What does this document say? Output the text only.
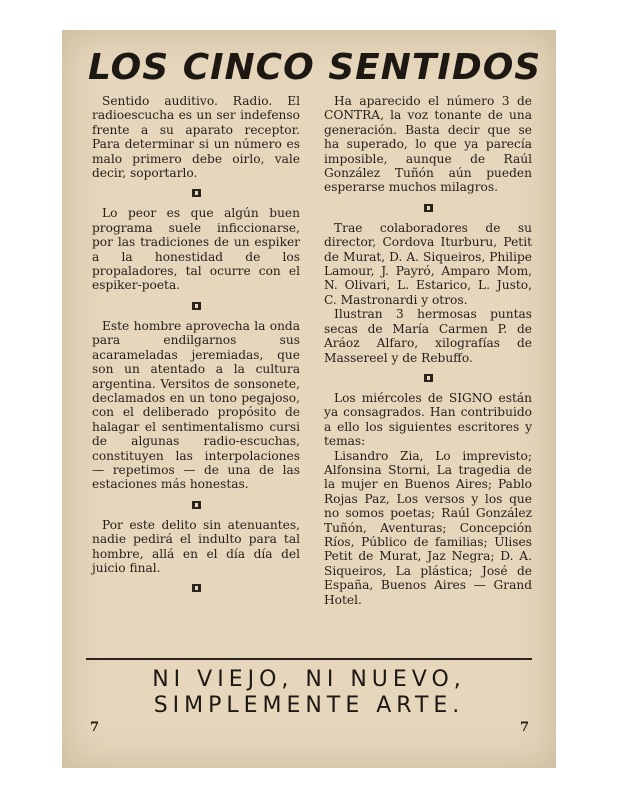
LOS CINCO SENTIDOS

Sentido auditivo. Radio. El radioescucha es un ser indefenso frente a su aparato receptor. Para determinar si un número es malo primero debe oirlo, vale decir, soportarlo.

Lo peor es que algún buen programa suele inficcionarse, por las tradiciones de un espiker a la honestidad de los propaladores, tal ocurre con el espiker-poeta.

Este hombre aprovecha la onda para endilgarnos sus acarameladas jeremiadas, que son un atentado a la cultura argentina. Versitos de sonsonete, declamados en un tono pegajoso, con el deliberado propósito de halagar el sentimentalismo cursi de algunas radio-escuchas, constituyen las interpolaciones — repetimos — de una de las estaciones más honestas.

Por este delito sin atenuantes, nadie pedirá el indulto para tal hombre, allá en el día día del juicio final.

Ha aparecido el número 3 de CONTRA, la voz tonante de una generación. Basta decir que se ha superado, lo que ya parecía imposible, aunque de Raúl González Tuñón aún pueden esperarse muchos milagros.

Trae colaboradores de su director, Cordova Iturburu, Petit de Murat, D. A. Siqueiros, Philipe Lamour, J. Payró, Amparo Mom, N. Olivari, L. Estarico, L. Justo, C. Mastronardi y otros.

Ilustran 3 hermosas puntas secas de María Carmen P. de Aráoz Alfaro, xilografías de Massereel y de Rebuffo.

Los miércoles de SIGNO están ya consagrados. Han contribuido a ello los siguientes escritores y temas:

Lisandro Zia, Lo imprevisto; Alfonsina Storni, La tragedia de la mujer en Buenos Aires; Pablo Rojas Paz, Los versos y los que no somos poetas; Raúl González Tuñón, Aventuras; Concepción Ríos, Público de familias; Ulises Petit de Murat, Jaz Negra; D. A. Siqueiros, La plástica; José de España, Buenos Aires — Grand Hotel.

NI VIEJO, NI NUEVO,
SIMPLEMENTE ARTE.
7	7
